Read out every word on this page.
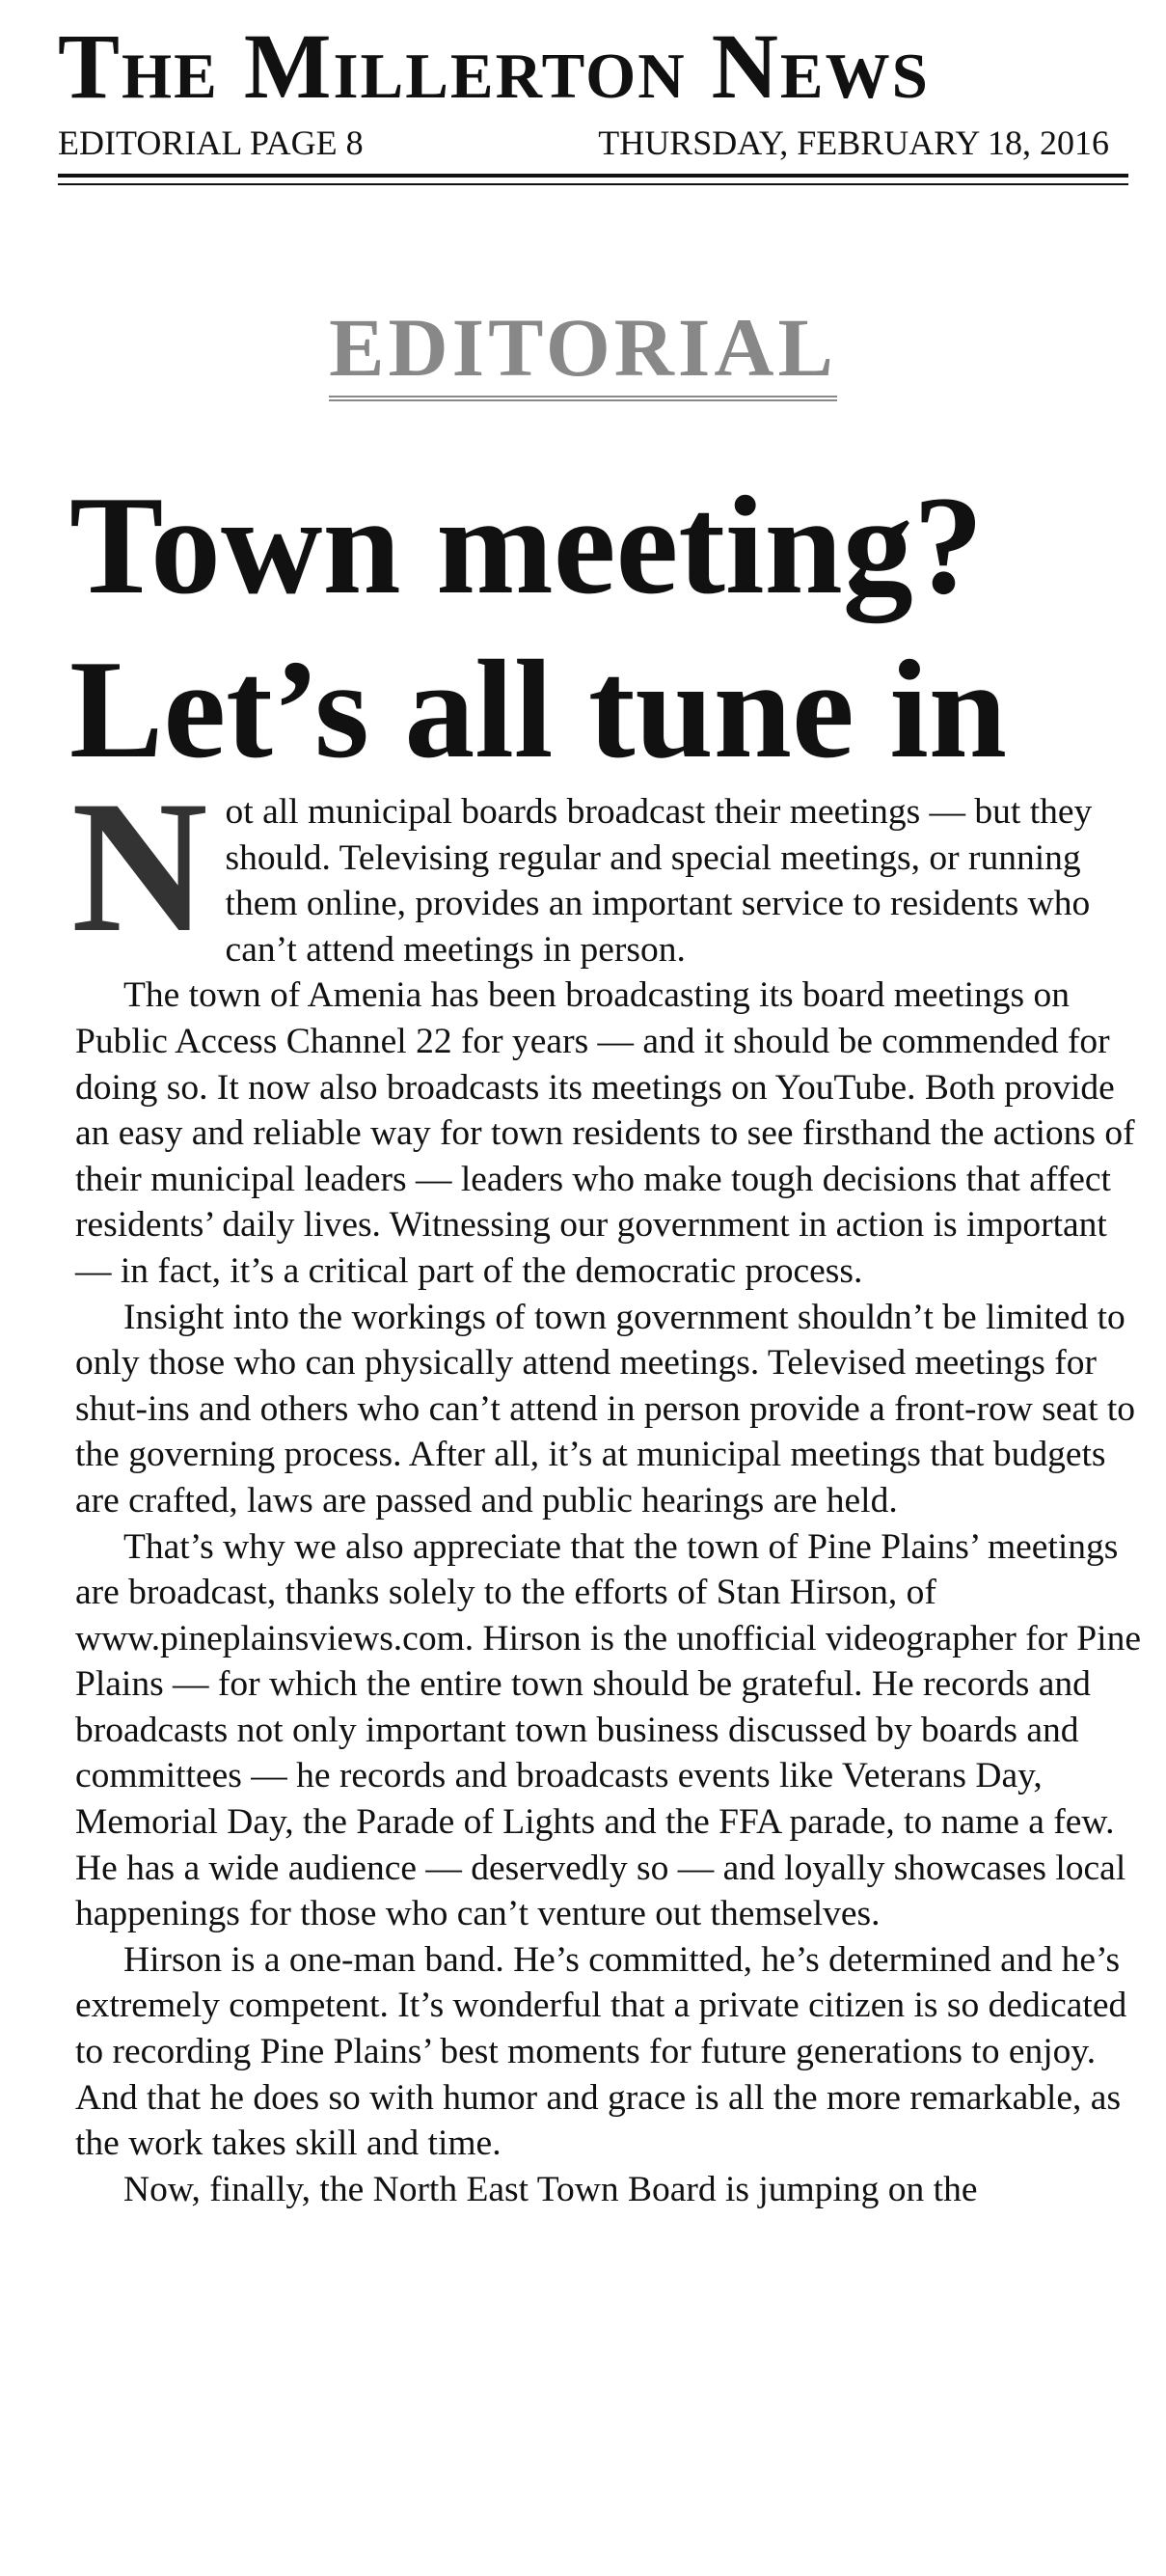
The Millerton News
EDITORIAL PAGE 8	THURSDAY, FEBRUARY 18, 2016
EDITORIAL
Town meeting?
Let’s all tune in

Not all municipal boards broadcast their meetings — but they should. Televising regular and special meetings, or running them online, provides an important service to residents who can’t attend meetings in person.

The town of Amenia has been broadcasting its board meetings on Public Access Channel 22 for years — and it should be commended for doing so. It now also broadcasts its meetings on YouTube. Both provide an easy and reliable way for town residents to see firsthand the actions of their municipal leaders — leaders who make tough decisions that affect residents’ daily lives. Witnessing our government in action is important — in fact, it’s a critical part of the democratic process.

Insight into the workings of town government shouldn’t be limited to only those who can physically attend meetings. Televised meetings for shut-ins and others who can’t attend in person provide a front-row seat to the governing process. After all, it’s at municipal meetings that budgets are crafted, laws are passed and public hearings are held.

That’s why we also appreciate that the town of Pine Plains’ meetings are broadcast, thanks solely to the efforts of Stan Hirson, of www.pineplainsviews.com. Hirson is the unofficial videographer for Pine Plains — for which the entire town should be grateful. He records and broadcasts not only important town business discussed by boards and committees — he records and broadcasts events like Veterans Day, Memorial Day, the Parade of Lights and the FFA parade, to name a few. He has a wide audience — deservedly so — and loyally showcases local happenings for those who can’t venture out themselves.

Hirson is a one-man band. He’s committed, he’s determined and he’s extremely competent. It’s wonderful that a private citizen is so dedicated to recording Pine Plains’ best moments for future generations to enjoy. And that he does so with humor and grace is all the more remarkable, as the work takes skill and time.

Now, finally, the North East Town Board is jumping on the
